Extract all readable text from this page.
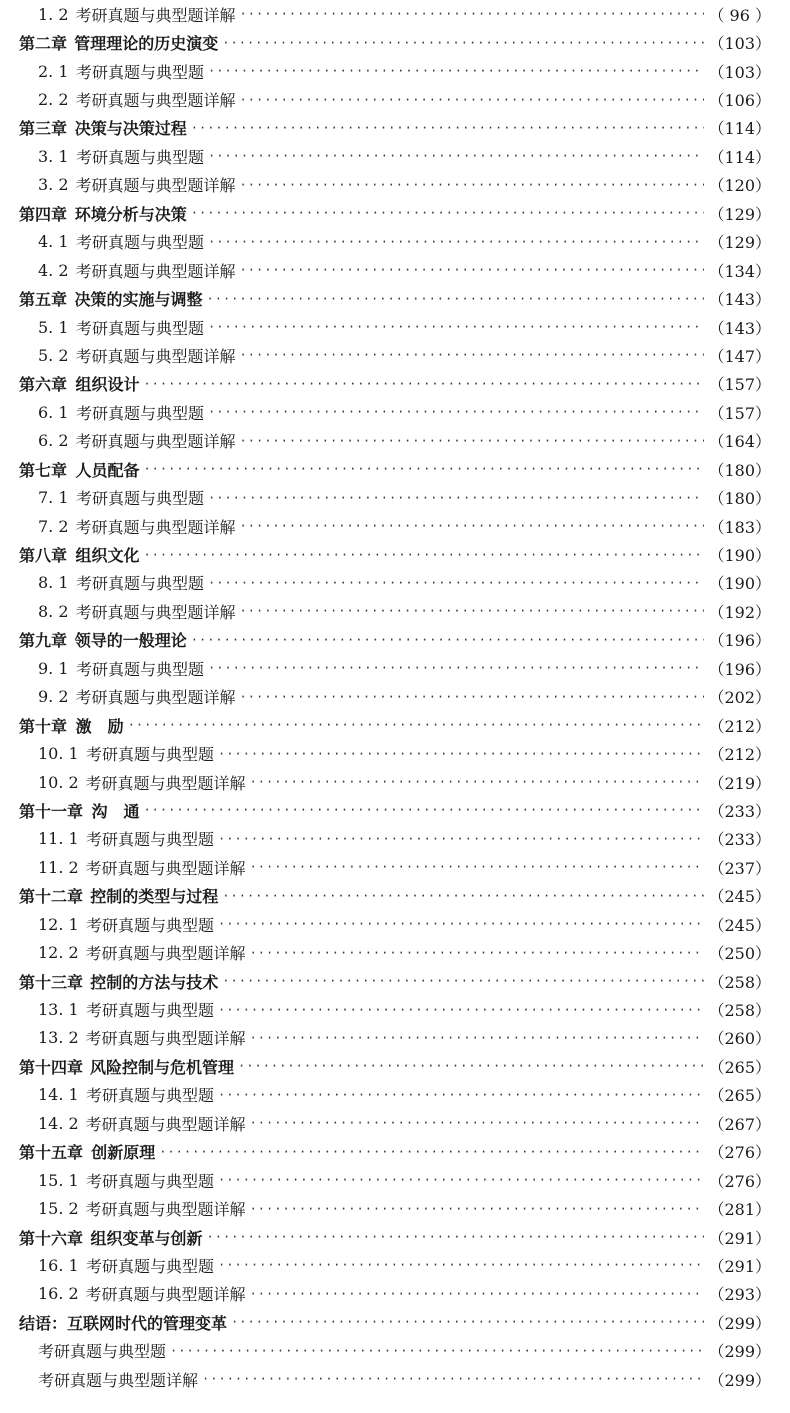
1. 2 考研真题与典型题详解 ·····	（ 96 ）
第二章 管理理论的历史演变 ·····	（103）
2. 1 考研真题与典型题 ·····	（103）
2. 2 考研真题与典型题详解 ·····	（106）
第三章 决策与决策过程 ·····	（114）
3. 1 考研真题与典型题 ·····	（114）
3. 2 考研真题与典型题详解 ·····	（120）
第四章 环境分析与决策 ·····	（129）
4. 1 考研真题与典型题 ·····	（129）
4. 2 考研真题与典型题详解 ·····	（134）
第五章 决策的实施与调整 ·····	（143）
5. 1 考研真题与典型题 ·····	（143）
5. 2 考研真题与典型题详解 ·····	（147）
第六章 组织设计 ·····	（157）
6. 1 考研真题与典型题 ·····	（157）
6. 2 考研真题与典型题详解 ·····	（164）
第七章 人员配备 ·····	（180）
7. 1 考研真题与典型题 ·····	（180）
7. 2 考研真题与典型题详解 ·····	（183）
第八章 组织文化 ·····	（190）
8. 1 考研真题与典型题 ·····	（190）
8. 2 考研真题与典型题详解 ·····	（192）
第九章 领导的一般理论 ·····	（196）
9. 1 考研真题与典型题 ·····	（196）
9. 2 考研真题与典型题详解 ·····	（202）
第十章 激　励 ·····	（212）
10. 1 考研真题与典型题 ·····	（212）
10. 2 考研真题与典型题详解 ·····	（219）
第十一章 沟　通 ·····	（233）
11. 1 考研真题与典型题 ·····	（233）
11. 2 考研真题与典型题详解 ·····	（237）
第十二章 控制的类型与过程 ·····	（245）
12. 1 考研真题与典型题 ·····	（245）
12. 2 考研真题与典型题详解 ·····	（250）
第十三章 控制的方法与技术 ·····	（258）
13. 1 考研真题与典型题 ·····	（258）
13. 2 考研真题与典型题详解 ·····	（260）
第十四章 风险控制与危机管理 ·····	（265）
14. 1 考研真题与典型题 ·····	（265）
14. 2 考研真题与典型题详解 ·····	（267）
第十五章 创新原理 ·····	（276）
15. 1 考研真题与典型题 ·····	（276）
15. 2 考研真题与典型题详解 ·····	（281）
第十六章 组织变革与创新 ·····	（291）
16. 1 考研真题与典型题 ·····	（291）
16. 2 考研真题与典型题详解 ·····	（293）
结语：互联网时代的管理变革 ·····	（299）
考研真题与典型题 ·····	（299）
考研真题与典型题详解 ·····	（299）
